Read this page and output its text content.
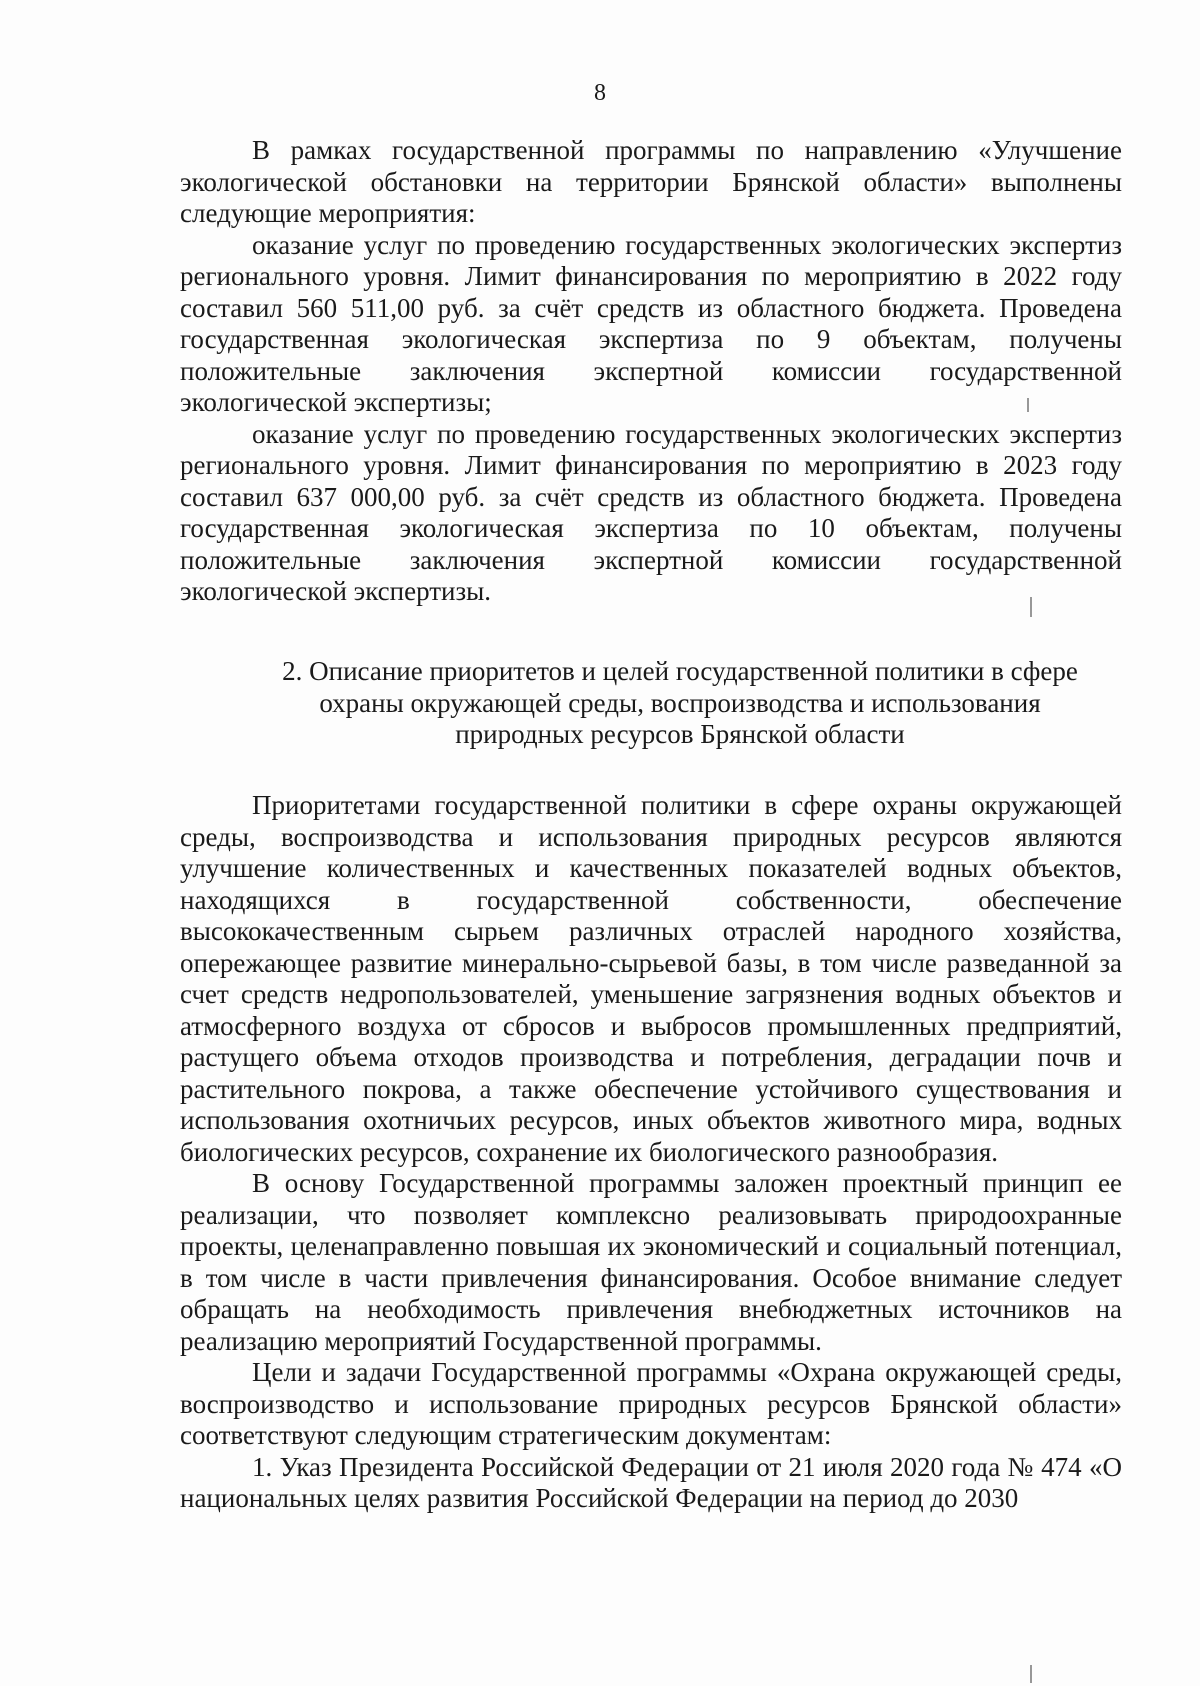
8

В рамках государственной программы по направлению «Улучшение экологической обстановки на территории Брянской области» выполнены следующие мероприятия:

оказание услуг по проведению государственных экологических экспертиз регионального уровня. Лимит финансирования по мероприятию в 2022 году составил 560 511,00 руб. за счёт средств из областного бюджета. Проведена государственная экологическая экспертиза по 9 объектам, получены положительные заключения экспертной комиссии государственной экологической экспертизы;

оказание услуг по проведению государственных экологических экспертиз регионального уровня. Лимит финансирования по мероприятию в 2023 году составил 637 000,00 руб. за счёт средств из областного бюджета. Проведена государственная экологическая экспертиза по 10 объектам, получены положительные заключения экспертной комиссии государственной экологической экспертизы.

2. Описание приоритетов и целей государственной политики в сфере
охраны окружающей среды, воспроизводства и использования
природных ресурсов Брянской области

Приоритетами государственной политики в сфере охраны окружающей среды, воспроизводства и использования природных ресурсов являются улучшение количественных и качественных показателей водных объектов, находящихся в государственной собственности, обеспечение высококачественным сырьем различных отраслей народного хозяйства, опережающее развитие минерально-сырьевой базы, в том числе разведанной за счет средств недропользователей, уменьшение загрязнения водных объектов и атмосферного воздуха от сбросов и выбросов промышленных предприятий, растущего объема отходов производства и потребления, деградации почв и растительного покрова, а также обеспечение устойчивого существования и использования охотничьих ресурсов, иных объектов животного мира, водных биологических ресурсов, сохранение их биологического разнообразия.

В основу Государственной программы заложен проектный принцип ее реализации, что позволяет комплексно реализовывать природоохранные проекты, целенаправленно повышая их экономический и социальный потенциал, в том числе в части привлечения финансирования. Особое внимание следует обращать на необходимость привлечения внебюджетных источников на реализацию мероприятий Государственной программы.

Цели и задачи Государственной программы «Охрана окружающей среды, воспроизводство и использование природных ресурсов Брянской области» соответствуют следующим стратегическим документам:

1. Указ Президента Российской Федерации от 21 июля 2020 года № 474 «О национальных целях развития Российской Федерации на период до 2030
